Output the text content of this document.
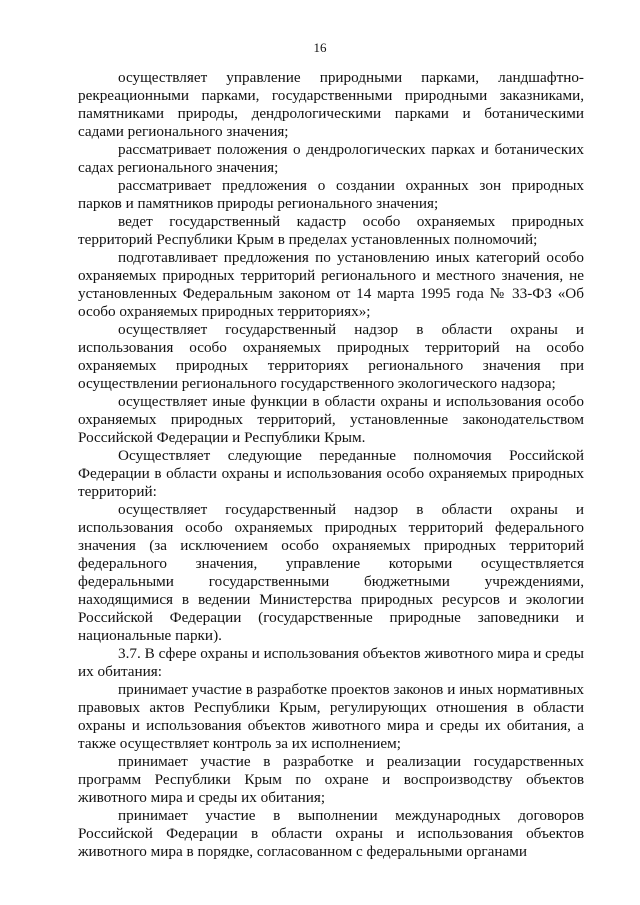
16

осуществляет управление природными парками, ландшафтно-рекреационными парками, государственными природными заказниками, памятниками природы, дендрологическими парками и ботаническими садами регионального значения;

рассматривает положения о дендрологических парках и ботанических садах регионального значения;

рассматривает предложения о создании охранных зон природных парков и памятников природы регионального значения;

ведет государственный кадастр особо охраняемых природных территорий Республики Крым в пределах установленных полномочий;

подготавливает предложения по установлению иных категорий особо охраняемых природных территорий регионального и местного значения, не установленных Федеральным законом от 14 марта 1995 года № 33-ФЗ «Об особо охраняемых природных территориях»;

осуществляет государственный надзор в области охраны и использования особо охраняемых природных территорий на особо охраняемых природных территориях регионального значения при осуществлении регионального государственного экологического надзора;

осуществляет иные функции в области охраны и использования особо охраняемых природных территорий, установленные законодательством Российской Федерации и Республики Крым.

Осуществляет следующие переданные полномочия Российской Федерации в области охраны и использования особо охраняемых природных территорий:

осуществляет государственный надзор в области охраны и использования особо охраняемых природных территорий федерального значения (за исключением особо охраняемых природных территорий федерального значения, управление которыми осуществляется федеральными государственными бюджетными учреждениями, находящимися в ведении Министерства природных ресурсов и экологии Российской Федерации (государственные природные заповедники и национальные парки).

3.7. В сфере охраны и использования объектов животного мира и среды их обитания:

принимает участие в разработке проектов законов и иных нормативных правовых актов Республики Крым, регулирующих отношения в области охраны и использования объектов животного мира и среды их обитания, а также осуществляет контроль за их исполнением;

принимает участие в разработке и реализации государственных программ Республики Крым по охране и воспроизводству объектов животного мира и среды их обитания;

принимает участие в выполнении международных договоров Российской Федерации в области охраны и использования объектов животного мира в порядке, согласованном с федеральными органами
